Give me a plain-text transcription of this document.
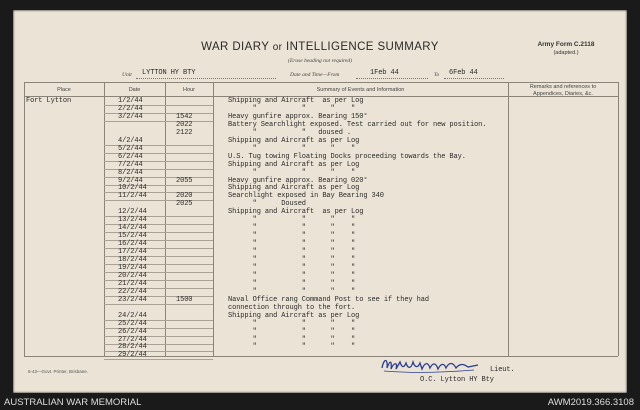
Army Form C.2118
(adapted.)
WAR DIARY or INTELLIGENCE SUMMARY
(Erase heading not required)
Unit LYTTON HY BTY	Date and Time—From	1Feb 44	To 6Feb 44
Place	Date	Hour	Summary of Events and Information	Remarks and references to
Appendices, Diaries, &c.
Fort Lytton	1/2/44	Shipping and Aircraft  as per Log
2/2/44	"           "      "    "
3/2/44	1542	Heavy gunfire approx. Bearing 150°
2022	Battery Searchlight exposed. Test carried out for new position.
2122	"           "   doused .
4/2/44	Shipping and Aircraft as per Log
5/2/44	"           "      "    "
6/2/44	U.S. Tug towing Floating Docks proceeding towards the Bay.
7/2/44	Shipping and Aircraft as per Log
8/2/44	"           "      "    "
9/2/44	2055	Heavy gunfire approx. Bearing 020°
10/2/44	Shipping and Aircraft as per Log
11/2/44	2020	Searchlight exposed in Bay Bearing 340
2025	"      Doused
12/2/44	Shipping and Aircraft  as per Log
13/2/44	"           "      "    "
14/2/44	"           "      "    "
15/2/44	"           "      "    "
16/2/44	"           "      "    "
17/2/44	"           "      "    "
18/2/44	"           "      "    "
19/2/44	"           "      "    "
20/2/44	"           "      "    "
21/2/44	"           "      "    "
22/2/44	"           "      "    "
23/2/44	1500	Naval Office rang Command Post to see if they had
connection through to the fort.
24/2/44	Shipping and Aircraft as per Log
25/2/44	"           "      "    "
26/2/44	"           "      "    "
27/2/44	"           "      "    "
28/2/44	"           "      "    "
29/2/44
6-43—Govt. Printer, Brisbane.	Lieut.
O.C. Lytton HY Bty
AUSTRALIAN WAR MEMORIAL	AWM2019.366.3108
